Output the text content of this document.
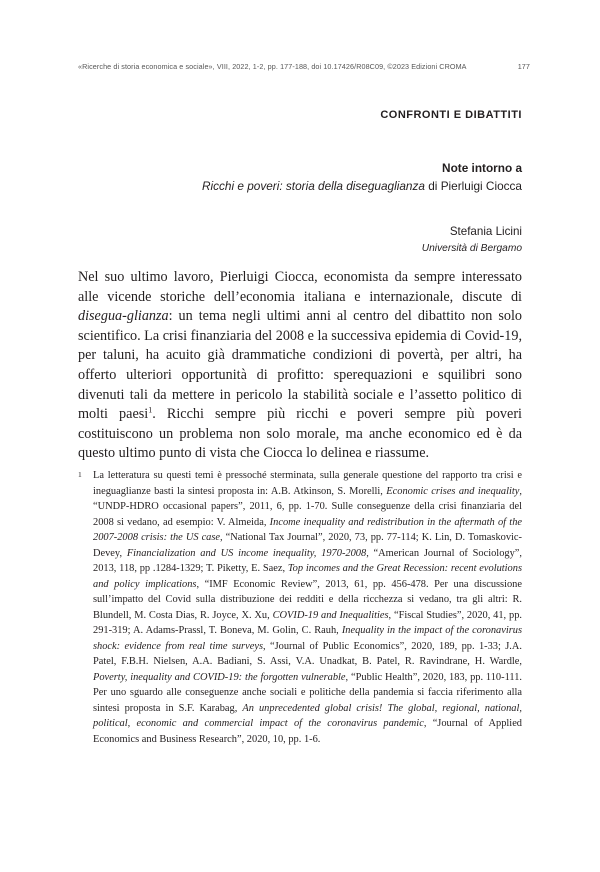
«Ricerche di storia economica e sociale», VIII, 2022, 1-2, pp. 177-188, doi 10.17426/R08C09, ©2023 Edizioni CROMA	177
CONFRONTI E DIBATTITI
Note intorno a
Ricchi e poveri: storia della diseguaglianza di Pierluigi Ciocca
Stefania Licini
Università di Bergamo
Nel suo ultimo lavoro, Pierluigi Ciocca, economista da sempre interessato alle vicende storiche dell’economia italiana e internazionale, discute di disegua-glianza: un tema negli ultimi anni al centro del dibattito non solo scientifico. La crisi finanziaria del 2008 e la successiva epidemia di Covid-19, per taluni, ha acuito già drammatiche condizioni di povertà, per altri, ha offerto ulteriori opportunità di profitto: sperequazioni e squilibri sono divenuti tali da mettere in pericolo la stabilità sociale e l’assetto politico di molti paesi$^1$. Ricchi sempre più ricchi e poveri sempre più poveri costituiscono un problema non solo morale, ma anche economico ed è da questo ultimo punto di vista che Ciocca lo delinea e riassume.
1 La letteratura su questi temi è pressoché sterminata, sulla generale questione del rapporto tra crisi e ineguaglianze basti la sintesi proposta in: A.B. Atkinson, S. Morelli, Economic crises and inequality, “UNDP-HDRO occasional papers”, 2011, 6, pp. 1-70. Sulle conseguenze della crisi finanziaria del 2008 si vedano, ad esempio: V. Almeida, Income inequality and redistribution in the aftermath of the 2007-2008 crisis: the US case, “National Tax Journal”, 2020, 73, pp. 77-114; K. Lin, D. Tomaskovic-Devey, Financialization and US income inequality, 1970-2008, “American Journal of Sociology”, 2013, 118, pp .1284-1329; T. Piketty, E. Saez, Top incomes and the Great Recession: recent evolutions and policy implications, “IMF Economic Review”, 2013, 61, pp. 456-478. Per una discussione sull’impatto del Covid sulla distribuzione dei redditi e della ricchezza si vedano, tra gli altri: R. Blundell, M. Costa Dias, R. Joyce, X. Xu, COVID-19 and Inequalities, “Fiscal Studies”, 2020, 41, pp. 291-319; A. Adams-Prassl, T. Boneva, M. Golin, C. Rauh, Inequality in the impact of the coronavirus shock: evidence from real time surveys, “Journal of Public Economics”, 2020, 189, pp. 1-33; J.A. Patel, F.B.H. Nielsen, A.A. Badiani, S. Assi, V.A. Unadkat, B. Patel, R. Ravindrane, H. Wardle, Poverty, inequality and COVID-19: the forgotten vulnerable, “Public Health”, 2020, 183, pp. 110-111. Per uno sguardo alle conseguenze anche sociali e politiche della pandemia si faccia riferimento alla sintesi proposta in S.F. Karabag, An unprecedented global crisis! The global, regional, national, political, economic and commercial impact of the coronavirus pandemic, “Journal of Applied Economics and Business Research”, 2020, 10, pp. 1-6.
